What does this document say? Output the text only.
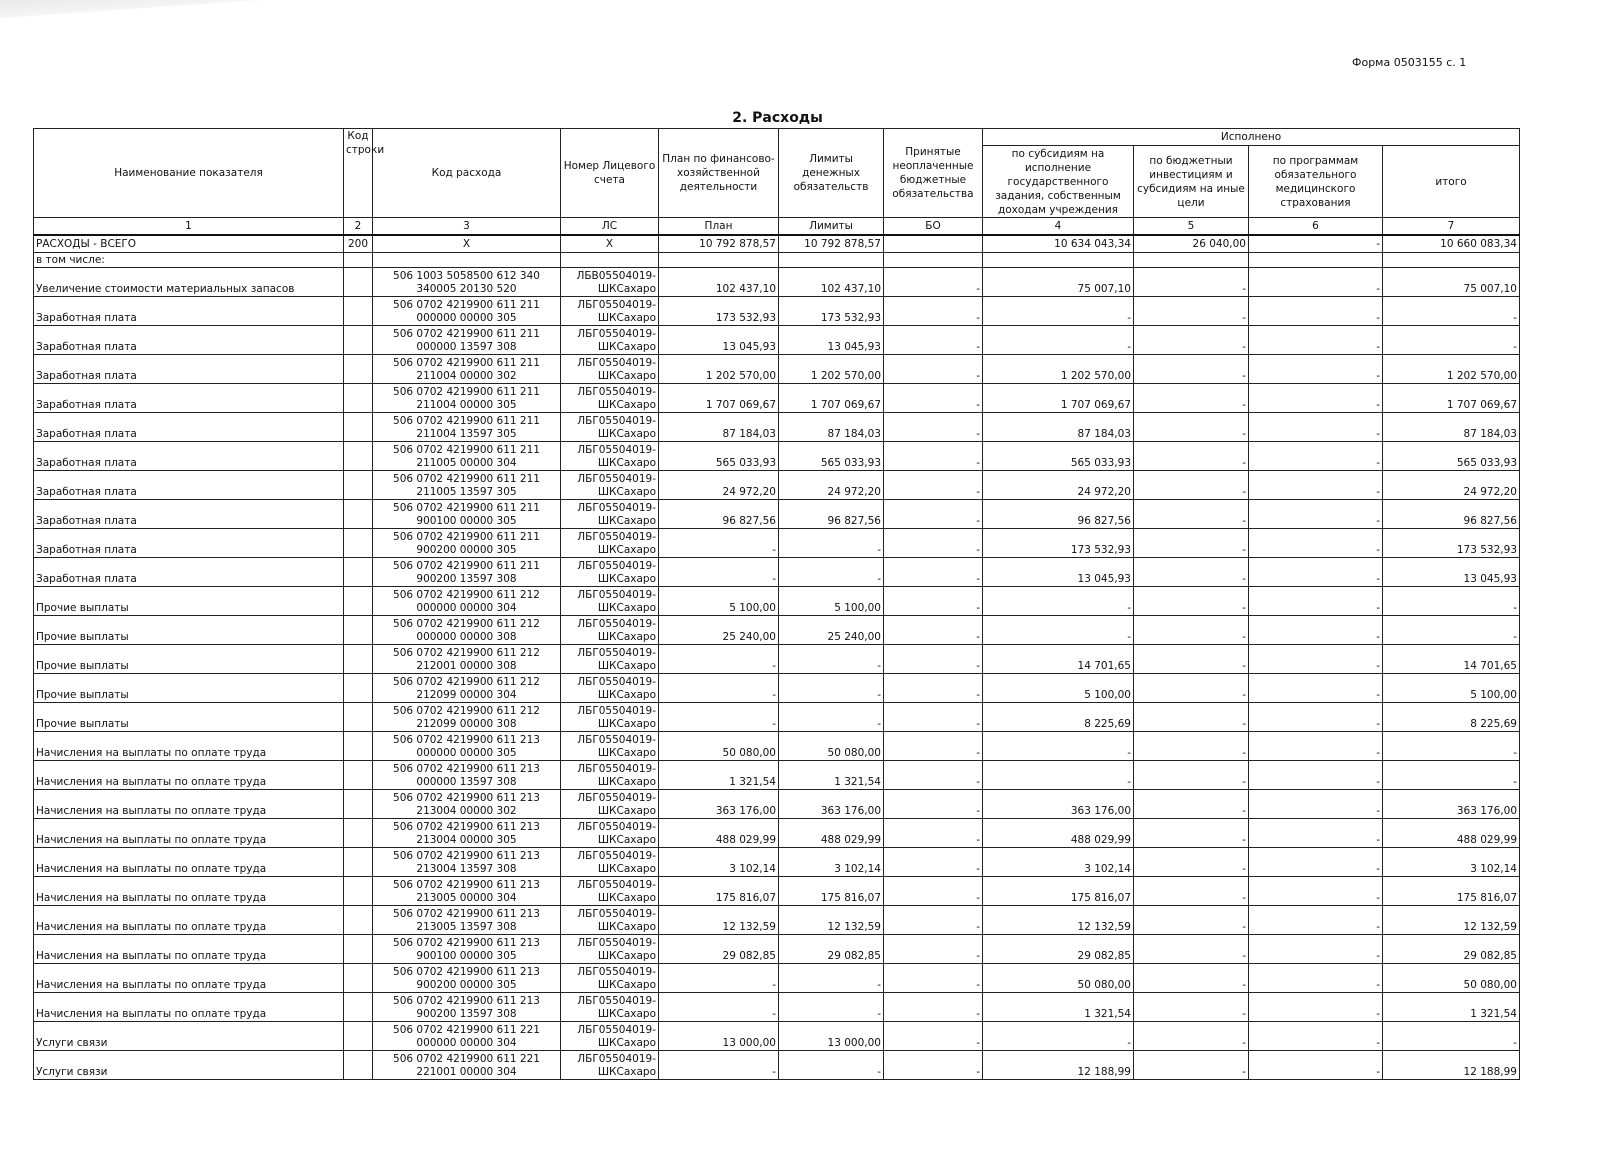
Форма 0503155 с. 1
2. Расходы
Наименование показателя	Код строки	Код расхода	Номер Лицевого счета	План по финансово-хозяйственной деятельности	Лимиты денежных обязательств	Принятые неоплаченные бюджетные обязательства	Исполнено			
							по субсидиям на исполнение государственного задания, собственным доходам учреждения	по бюджетныи инвестициям и субсидиям на иные цели	по программам обязательного медицинского страхования	итого
1	2	3	ЛС	План	Лимиты	БО	4	5	6	7
РАСХОДЫ - ВСЕГО	200	Х	Х	10 792 878,57	10 792 878,57		10 634 043,34	26 040,00	-	10 660 083,34
в том числе:										
Увеличение стоимости материальных запасов		506 1003 5058500 612 340 340005 20130 520	ЛБВ05504019-ШКСахаро	102 437,10	102 437,10	-	75 007,10	-	-	75 007,10
Заработная плата		506 0702 4219900 611 211 000000 00000 305	ЛБГ05504019-ШКСахаро	173 532,93	173 532,93	-	-	-	-	-
Заработная плата		506 0702 4219900 611 211 000000 13597 308	ЛБГ05504019-ШКСахаро	13 045,93	13 045,93	-	-	-	-	-
Заработная плата		506 0702 4219900 611 211 211004 00000 302	ЛБГ05504019-ШКСахаро	1 202 570,00	1 202 570,00	-	1 202 570,00	-	-	1 202 570,00
Заработная плата		506 0702 4219900 611 211 211004 00000 305	ЛБГ05504019-ШКСахаро	1 707 069,67	1 707 069,67	-	1 707 069,67	-	-	1 707 069,67
Заработная плата		506 0702 4219900 611 211 211004 13597 305	ЛБГ05504019-ШКСахаро	87 184,03	87 184,03	-	87 184,03	-	-	87 184,03
Заработная плата		506 0702 4219900 611 211 211005 00000 304	ЛБГ05504019-ШКСахаро	565 033,93	565 033,93	-	565 033,93	-	-	565 033,93
Заработная плата		506 0702 4219900 611 211 211005 13597 305	ЛБГ05504019-ШКСахаро	24 972,20	24 972,20	-	24 972,20	-	-	24 972,20
Заработная плата		506 0702 4219900 611 211 900100 00000 305	ЛБГ05504019-ШКСахаро	96 827,56	96 827,56	-	96 827,56	-	-	96 827,56
Заработная плата		506 0702 4219900 611 211 900200 00000 305	ЛБГ05504019-ШКСахаро	-	-	-	173 532,93	-	-	173 532,93
Заработная плата		506 0702 4219900 611 211 900200 13597 308	ЛБГ05504019-ШКСахаро	-	-	-	13 045,93	-	-	13 045,93
Прочие выплаты		506 0702 4219900 611 212 000000 00000 304	ЛБГ05504019-ШКСахаро	5 100,00	5 100,00	-	-	-	-	-
Прочие выплаты		506 0702 4219900 611 212 000000 00000 308	ЛБГ05504019-ШКСахаро	25 240,00	25 240,00	-	-	-	-	-
Прочие выплаты		506 0702 4219900 611 212 212001 00000 308	ЛБГ05504019-ШКСахаро	-	-	-	14 701,65	-	-	14 701,65
Прочие выплаты		506 0702 4219900 611 212 212099 00000 304	ЛБГ05504019-ШКСахаро	-	-	-	5 100,00	-	-	5 100,00
Прочие выплаты		506 0702 4219900 611 212 212099 00000 308	ЛБГ05504019-ШКСахаро	-	-	-	8 225,69	-	-	8 225,69
Начисления на выплаты по оплате труда		506 0702 4219900 611 213 000000 00000 305	ЛБГ05504019-ШКСахаро	50 080,00	50 080,00	-	-	-	-	-
Начисления на выплаты по оплате труда		506 0702 4219900 611 213 000000 13597 308	ЛБГ05504019-ШКСахаро	1 321,54	1 321,54	-	-	-	-	-
Начисления на выплаты по оплате труда		506 0702 4219900 611 213 213004 00000 302	ЛБГ05504019-ШКСахаро	363 176,00	363 176,00	-	363 176,00	-	-	363 176,00
Начисления на выплаты по оплате труда		506 0702 4219900 611 213 213004 00000 305	ЛБГ05504019-ШКСахаро	488 029,99	488 029,99	-	488 029,99	-	-	488 029,99
Начисления на выплаты по оплате труда		506 0702 4219900 611 213 213004 13597 308	ЛБГ05504019-ШКСахаро	3 102,14	3 102,14	-	3 102,14	-	-	3 102,14
Начисления на выплаты по оплате труда		506 0702 4219900 611 213 213005 00000 304	ЛБГ05504019-ШКСахаро	175 816,07	175 816,07	-	175 816,07	-	-	175 816,07
Начисления на выплаты по оплате труда		506 0702 4219900 611 213 213005 13597 308	ЛБГ05504019-ШКСахаро	12 132,59	12 132,59	-	12 132,59	-	-	12 132,59
Начисления на выплаты по оплате труда		506 0702 4219900 611 213 900100 00000 305	ЛБГ05504019-ШКСахаро	29 082,85	29 082,85	-	29 082,85	-	-	29 082,85
Начисления на выплаты по оплате труда		506 0702 4219900 611 213 900200 00000 305	ЛБГ05504019-ШКСахаро	-	-	-	50 080,00	-	-	50 080,00
Начисления на выплаты по оплате труда		506 0702 4219900 611 213 900200 13597 308	ЛБГ05504019-ШКСахаро	-	-	-	1 321,54	-	-	1 321,54
Услуги связи		506 0702 4219900 611 221 000000 00000 304	ЛБГ05504019-ШКСахаро	13 000,00	13 000,00	-	-	-	-	-
Услуги связи		506 0702 4219900 611 221 221001 00000 304	ЛБГ05504019-ШКСахаро	-	-	-	12 188,99	-	-	12 188,99
